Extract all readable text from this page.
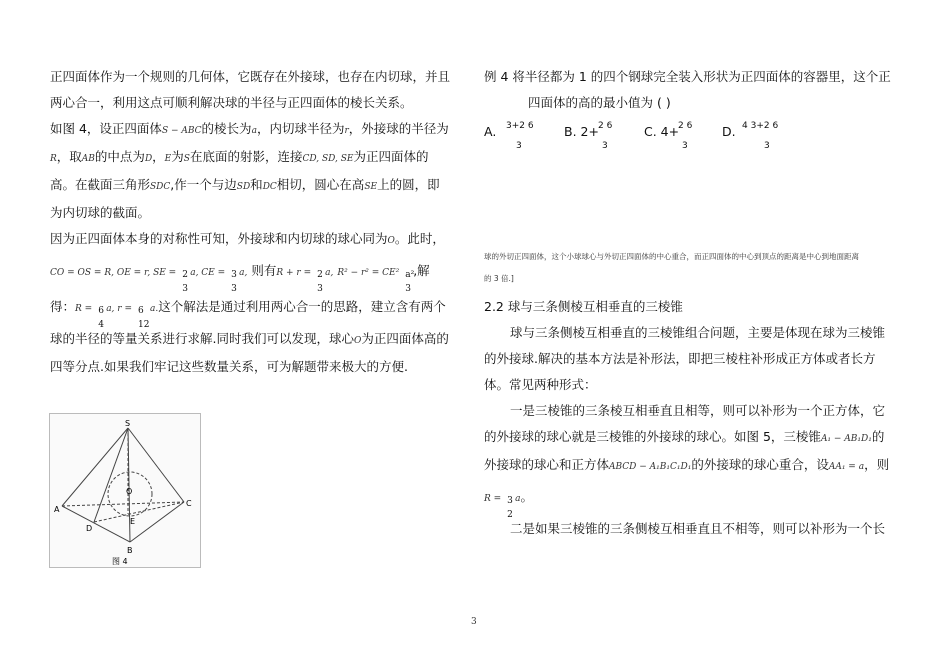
正四面体作为一个规则的几何体，它既存在外接球，也存在内切球，并且

两心合一，利用这点可顺利解决球的半径与正四面体的棱长关系。

如图 4，设正四面体S − ABC的棱长为a，内切球半径为r，外接球的半径为

R，取AB的中点为D，E为S在底面的射影，连接CD, SD, SE为正四面体的

高。在截面三角形SDC,作一个与边SD和DC相切，圆心在高SE上的圆，即

为内切球的截面。

因为正四面体本身的对称性可知，外接球和内切球的球心同为O。此时，

CO = OS = R, OE = r, SE = 2
3
a, CE = 3
3
a, 则有R + r = 2
3
a, R² − r² = CE² a²
3
,解

得：R = 6
4
a, r = 6
12
a.这个解法是通过利用两心合一的思路，建立含有两个

球的半径的等量关系进行求解.同时我们可以发现，球心O为正四面体高的

四等分点.如果我们牢记这些数量关系，可为解题带来极大的方便.

S
A
D
B
C
E
O
图 4

例 4 将半径都为 1 的四个钢球完全装入形状为正四面体的容器里，这个正

四面体的高的最小值为 ( )

A. 3+2 6
3
B. 2+ 2 6
3
C. 4+
2 6
3
D. 4 3+2 6
3

球的外切正四面体，这个小球球心与外切正四面体的中心重合，而正四面体的中心到顶点的距离是中心到地面距离

的 3 倍.]

2.2 球与三条侧棱互相垂直的三棱锥

球与三条侧棱互相垂直的三棱锥组合问题，主要是体现在球为三棱锥

的外接球.解决的基本方法是补形法，即把三棱柱补形成正方体或者长方

体。常见两种形式：

一是三棱锥的三条棱互相垂直且相等，则可以补形为一个正方体，它

的外接球的球心就是三棱锥的外接球的球心。如图 5，三棱锥A₁ − AB₁D₁的

外接球的球心和正方体ABCD − A₁B₁C₁D₁的外接球的球心重合，设AA₁ = a，则

R = 3
2
a。

二是如果三棱锥的三条侧棱互相垂直且不相等，则可以补形为一个长

3
